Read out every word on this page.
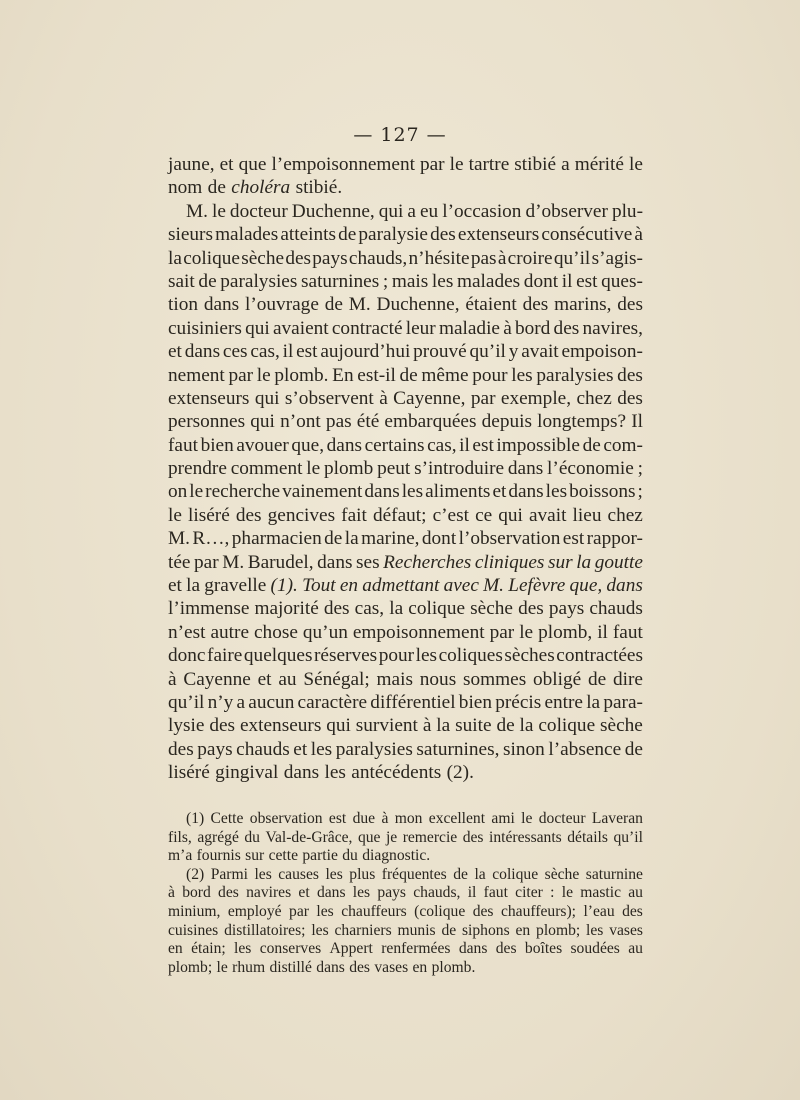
— 127 —
jaune, et que l’empoisonnement par le tartre stibié a mérité le
nom de choléra stibié.
M. le docteur Duchenne, qui a eu l’occasion d’observer plu-
sieurs malades atteints de paralysie des extenseurs consécutive à
la colique sèche des pays chauds, n’hésite pas à croire qu’il s’agis-
sait de paralysies saturnines ; mais les malades dont il est ques-
tion dans l’ouvrage de M. Duchenne, étaient des marins, des
cuisiniers qui avaient contracté leur maladie à bord des navires,
et dans ces cas, il est aujourd’hui prouvé qu’il y avait empoison-
nement par le plomb. En est-il de même pour les paralysies des
extenseurs qui s’observent à Cayenne, par exemple, chez des
personnes qui n’ont pas été embarquées depuis longtemps? Il
faut bien avouer que, dans certains cas, il est impossible de com-
prendre comment le plomb peut s’introduire dans l’économie ;
on le recherche vainement dans les aliments et dans les boissons ;
le liséré des gencives fait défaut; c’est ce qui avait lieu chez
M. R…, pharmacien de la marine, dont l’observation est rappor-
tée par M. Barudel, dans ses Recherches cliniques sur la goutte
et la gravelle (1). Tout en admettant avec M. Lefèvre que, dans
l’immense majorité des cas, la colique sèche des pays chauds
n’est autre chose qu’un empoisonnement par le plomb, il faut
donc faire quelques réserves pour les coliques sèches contractées
à Cayenne et au Sénégal; mais nous sommes obligé de dire
qu’il n’y a aucun caractère différentiel bien précis entre la para-
lysie des extenseurs qui survient à la suite de la colique sèche
des pays chauds et les paralysies saturnines, sinon l’absence de
liséré gingival dans les antécédents (2).
(1) Cette observation est due à mon excellent ami le docteur Laveran
fils, agrégé du Val-de-Grâce, que je remercie des intéressants détails qu’il
m’a fournis sur cette partie du diagnostic.
(2) Parmi les causes les plus fréquentes de la colique sèche saturnine
à bord des navires et dans les pays chauds, il faut citer : le mastic au
minium, employé par les chauffeurs (colique des chauffeurs); l’eau des
cuisines distillatoires; les charniers munis de siphons en plomb; les vases
en étain; les conserves Appert renfermées dans des boîtes soudées au
plomb; le rhum distillé dans des vases en plomb.
